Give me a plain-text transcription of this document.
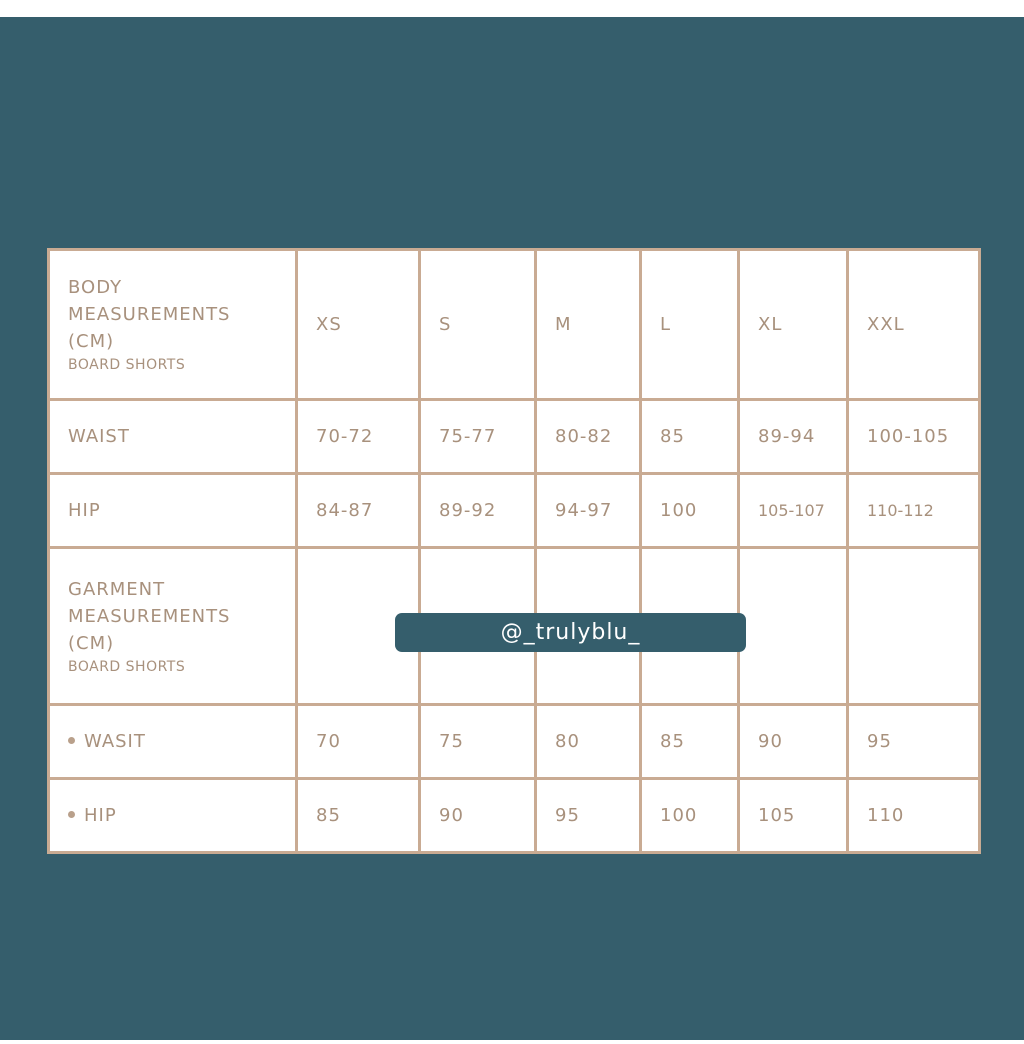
BODY
MEASUREMENTS
(CM)
BOARD SHORTS	XS	S	M	L	XL	XXL
WAIST	70-72	75-77	80-82	85	89-94	100-105
HIP	84-87	89-92	94-97	100	105-107	110-112
GARMENT
MEASUREMENTS
(CM)
BOARD SHORTS						

WASIT	70	75	80	85	90	95
HIP	85	90	95	100	105	110
@_trulyblu_
